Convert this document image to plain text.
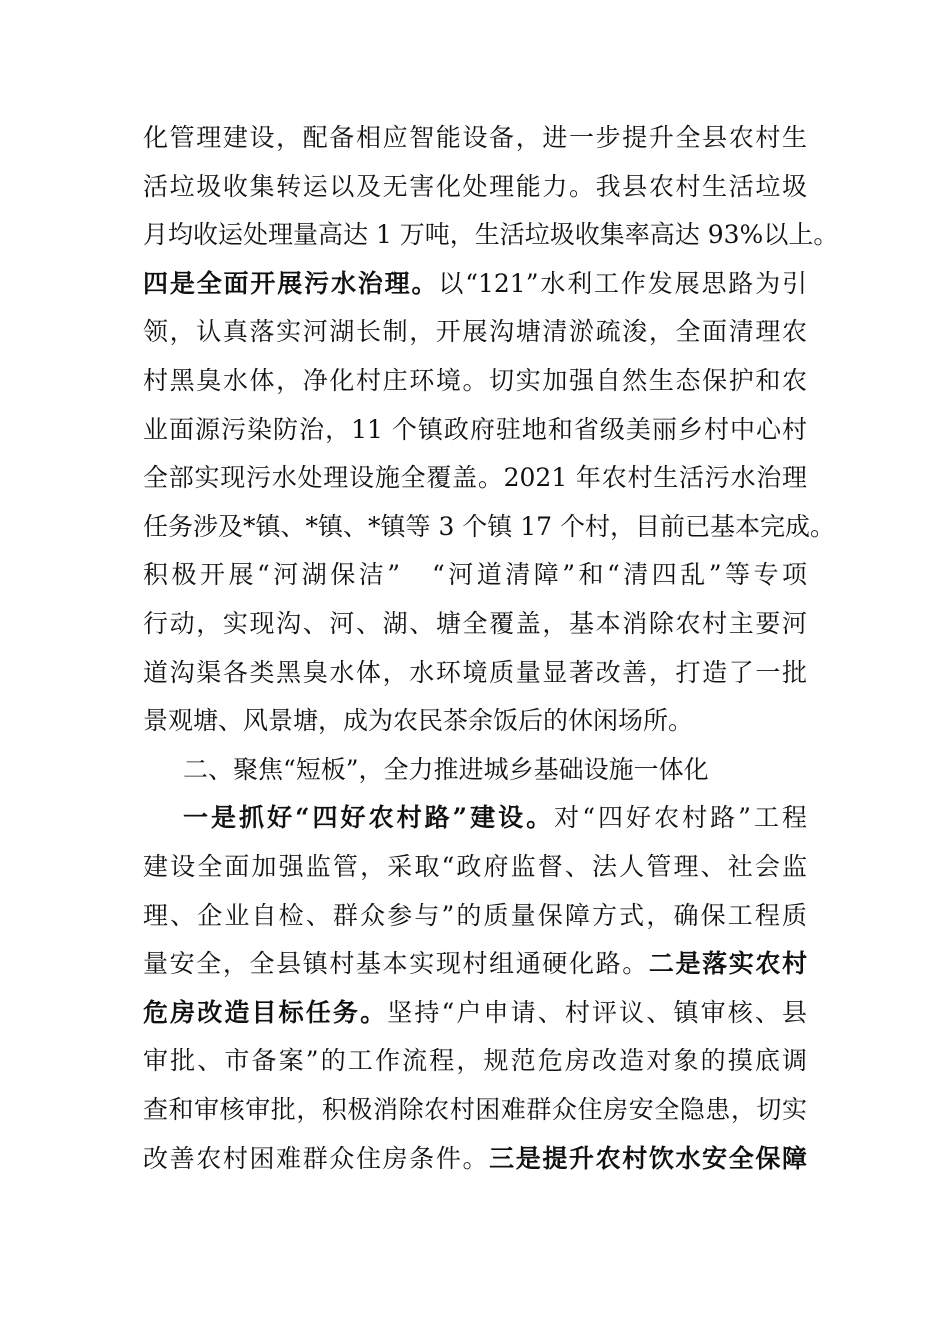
化管理建设，配备相应智能设备，进一步提升全县农村生
活垃圾收集转运以及无害化处理能力。我县农村生活垃圾
月均收运处理量高达 1 万吨，生活垃圾收集率高达 93%以上。
四是全面开展污水治理。以“121”水利工作发展思路为引
领，认真落实河湖长制，开展沟塘清淤疏浚，全面清理农
村黑臭水体，净化村庄环境。切实加强自然生态保护和农
业面源污染防治，11 个镇政府驻地和省级美丽乡村中心村
全部实现污水处理设施全覆盖。2021 年农村生活污水治理
任务涉及*镇、*镇、*镇等 3 个镇 17 个村，目前已基本完成。
积极开展“河湖保洁”　“河道清障”和“清四乱”等专项
行动，实现沟、河、湖、塘全覆盖，基本消除农村主要河
道沟渠各类黑臭水体，水环境质量显著改善，打造了一批
景观塘、风景塘，成为农民茶余饭后的休闲场所。
二、聚焦“短板”，全力推进城乡基础设施一体化
一是抓好“四好农村路”建设。对“四好农村路”工程
建设全面加强监管，采取“政府监督、法人管理、社会监
理、企业自检、群众参与”的质量保障方式，确保工程质
量安全，全县镇村基本实现村组通硬化路。二是落实农村
危房改造目标任务。坚持“户申请、村评议、镇审核、县
审批、市备案”的工作流程，规范危房改造对象的摸底调
查和审核审批，积极消除农村困难群众住房安全隐患，切实
改善农村困难群众住房条件。三是提升农村饮水安全保障
